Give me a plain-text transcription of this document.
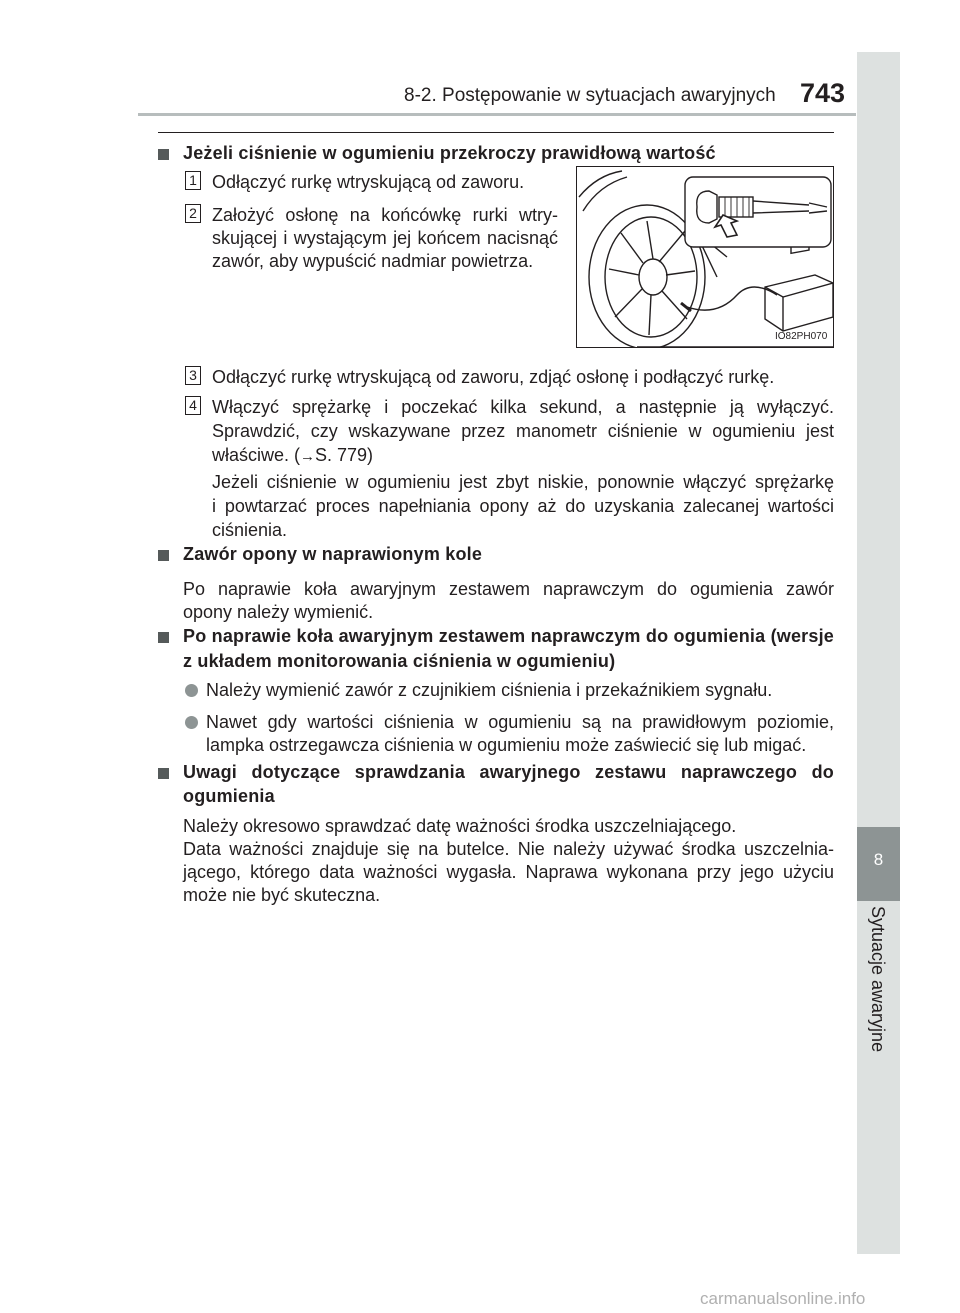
8-2. Postępowanie w sytuacjach awaryjnych 743
8
Sytuacje awaryjne
Jeżeli ciśnienie w ogumieniu przekroczy prawidłową wartość
1 Odłączyć rurkę wtryskującą od zaworu.
2 Założyć osłonę na końcówkę rurki wtry-
skującej i wystającym jej końcem nacisnąć
zawór, aby wypuścić nadmiar powietrza.
IO82PH070
3 Odłączyć rurkę wtryskującą od zaworu, zdjąć osłonę i podłączyć rurkę.
4 Włączyć sprężarkę i poczekać kilka sekund, a następnie ją wyłączyć.
Sprawdzić, czy wskazywane przez manometr ciśnienie w ogumieniu jest
właściwe. (→S. 779)
Jeżeli ciśnienie w ogumieniu jest zbyt niskie, ponownie włączyć sprężarkę
i powtarzać proces napełniania opony aż do uzyskania zalecanej wartości
ciśnienia.
Zawór opony w naprawionym kole
Po naprawie koła awaryjnym zestawem naprawczym do ogumienia zawór
opony należy wymienić.
Po naprawie koła awaryjnym zestawem naprawczym do ogumienia (wersje
z układem monitorowania ciśnienia w ogumieniu)
Należy wymienić zawór z czujnikiem ciśnienia i przekaźnikiem sygnału.
Nawet gdy wartości ciśnienia w ogumieniu są na prawidłowym poziomie,
lampka ostrzegawcza ciśnienia w ogumieniu może zaświecić się lub migać.
Uwagi dotyczące sprawdzania awaryjnego zestawu naprawczego do
ogumienia
Należy okresowo sprawdzać datę ważności środka uszczelniającego.
Data ważności znajduje się na butelce. Nie należy używać środka uszczelnia-
jącego, którego data ważności wygasła. Naprawa wykonana przy jego użyciu
może nie być skuteczna.
carmanualsonline.info
